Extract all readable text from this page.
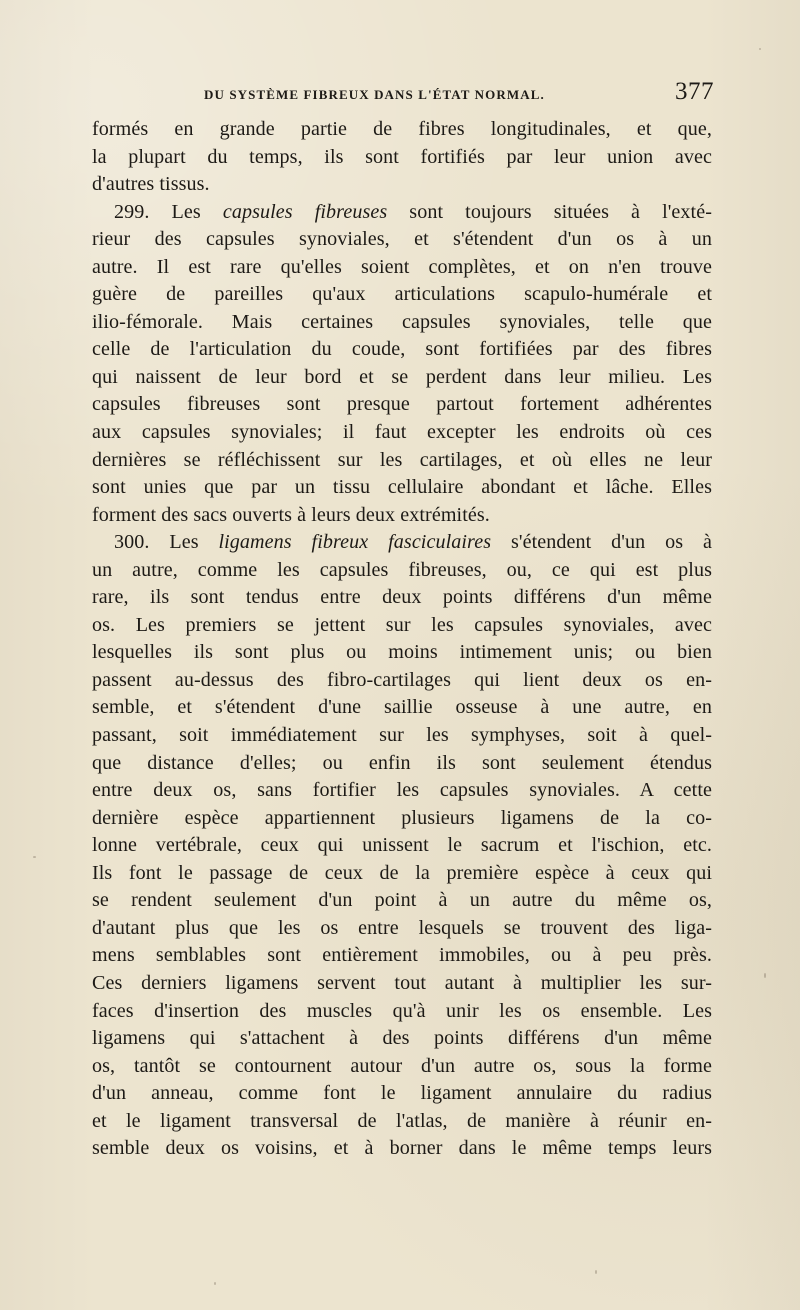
DU SYSTÈME FIBREUX DANS L'ÉTAT NORMAL.	377
formés en grande partie de fibres longitudinales, et que,
la plupart du temps, ils sont fortifiés par leur union avec
d'autres tissus.
299. Les capsules fibreuses sont toujours situées à l'exté-
rieur des capsules synoviales, et s'étendent d'un os à un
autre. Il est rare qu'elles soient complètes, et on n'en trouve
guère de pareilles qu'aux articulations scapulo-humérale et
ilio-fémorale. Mais certaines capsules synoviales, telle que
celle de l'articulation du coude, sont fortifiées par des fibres
qui naissent de leur bord et se perdent dans leur milieu. Les
capsules fibreuses sont presque partout fortement adhérentes
aux capsules synoviales; il faut excepter les endroits où ces
dernières se réfléchissent sur les cartilages, et où elles ne leur
sont unies que par un tissu cellulaire abondant et lâche. Elles
forment des sacs ouverts à leurs deux extrémités.
300. Les ligamens fibreux fasciculaires s'étendent d'un os à
un autre, comme les capsules fibreuses, ou, ce qui est plus
rare, ils sont tendus entre deux points différens d'un même
os. Les premiers se jettent sur les capsules synoviales, avec
lesquelles ils sont plus ou moins intimement unis; ou bien
passent au-dessus des fibro-cartilages qui lient deux os en-
semble, et s'étendent d'une saillie osseuse à une autre, en
passant, soit immédiatement sur les symphyses, soit à quel-
que distance d'elles; ou enfin ils sont seulement étendus
entre deux os, sans fortifier les capsules synoviales. A cette
dernière espèce appartiennent plusieurs ligamens de la co-
lonne vertébrale, ceux qui unissent le sacrum et l'ischion, etc.
Ils font le passage de ceux de la première espèce à ceux qui
se rendent seulement d'un point à un autre du même os,
d'autant plus que les os entre lesquels se trouvent des liga-
mens semblables sont entièrement immobiles, ou à peu près.
Ces derniers ligamens servent tout autant à multiplier les sur-
faces d'insertion des muscles qu'à unir les os ensemble. Les
ligamens qui s'attachent à des points différens d'un même
os, tantôt se contournent autour d'un autre os, sous la forme
d'un anneau, comme font le ligament annulaire du radius
et le ligament transversal de l'atlas, de manière à réunir en-
semble deux os voisins, et à borner dans le même temps leurs
